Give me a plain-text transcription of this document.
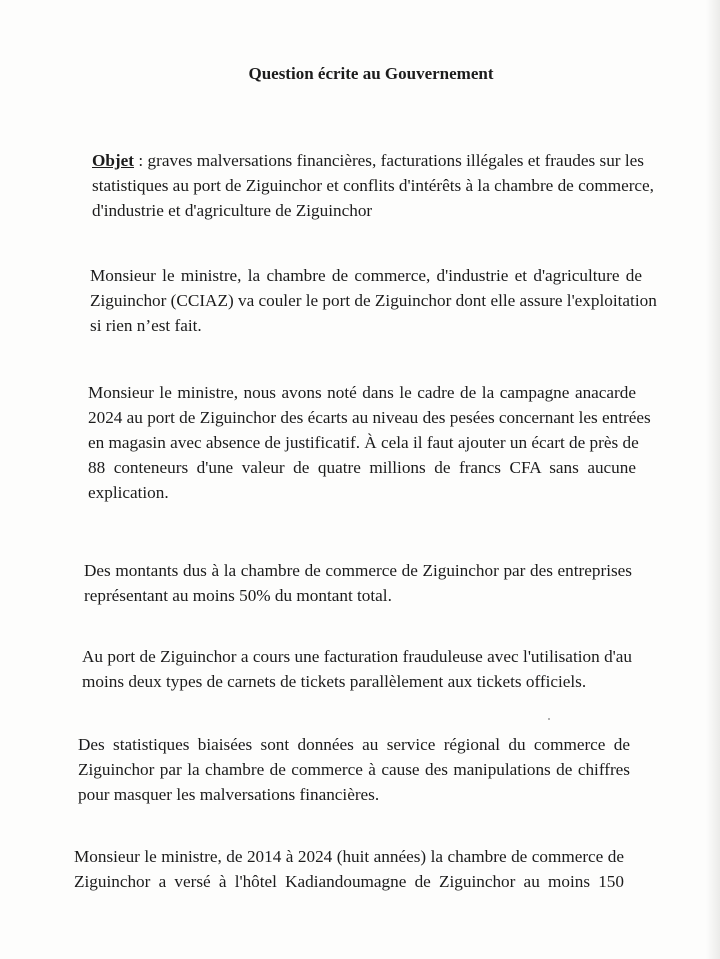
Question écrite au Gouvernement
Objet : graves malversations financières, facturations illégales et fraudes sur les
statistiques au port de Ziguinchor et conflits d'intérêts à la chambre de commerce,
d'industrie et d'agriculture de Ziguinchor
Monsieur le ministre, la chambre de commerce, d'industrie et d'agriculture de
Ziguinchor (CCIAZ) va couler le port de Ziguinchor dont elle assure l'exploitation
si rien n’est fait.
Monsieur le ministre, nous avons noté dans le cadre de la campagne anacarde
2024 au port de Ziguinchor des écarts au niveau des pesées concernant les entrées
en magasin avec absence de justificatif. À cela il faut ajouter un écart de près de
88 conteneurs d'une valeur de quatre millions de francs CFA sans aucune
explication.
Des montants dus à la chambre de commerce de Ziguinchor par des entreprises
représentant au moins 50% du montant total.
Au port de Ziguinchor a cours une facturation frauduleuse avec l'utilisation d'au
moins deux types de carnets de tickets parallèlement aux tickets officiels.
Des statistiques biaisées sont données au service régional du commerce de
Ziguinchor par la chambre de commerce à cause des manipulations de chiffres
pour masquer les malversations financières.
Monsieur le ministre, de 2014 à 2024 (huit années) la chambre de commerce de
Ziguinchor a versé à l'hôtel Kadiandoumagne de Ziguinchor au moins 150
